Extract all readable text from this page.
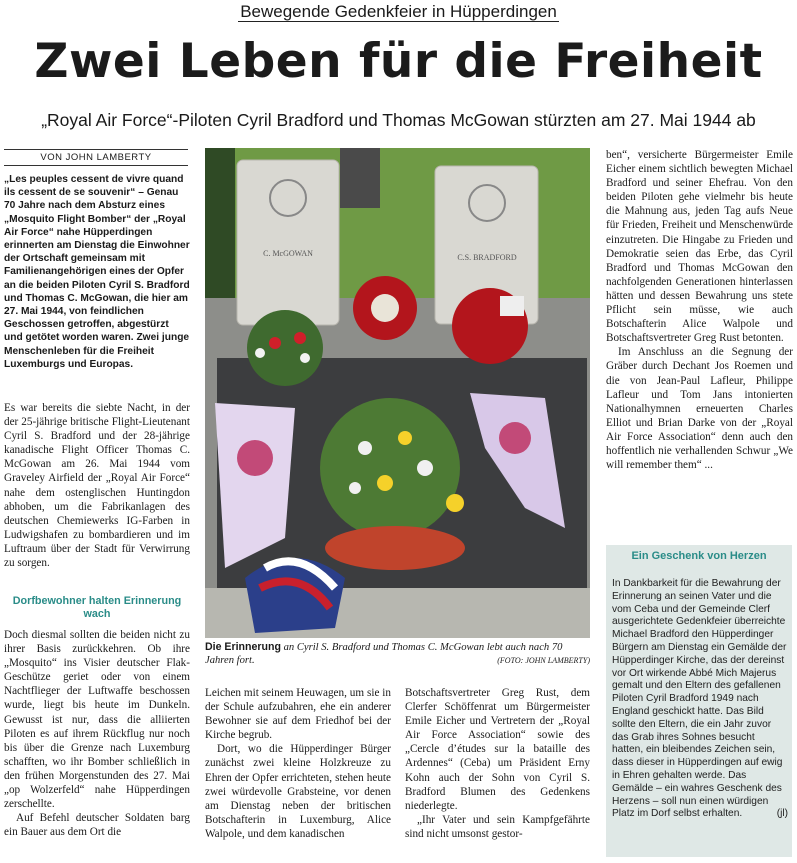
Bewegende Gedenkfeier in Hüpperdingen
Zwei Leben für die Freiheit
„Royal Air Force“-Piloten Cyril Bradford und Thomas McGowan stürzten am 27. Mai 1944 ab
VON JOHN LAMBERTY
„Les peuples cessent de vivre quand ils cessent de se souvenir“ – Genau 70 Jahre nach dem Absturz eines „Mosquito Flight Bomber“ der „Royal Air Force“ nahe Hüpperdingen erinnerten am Dienstag die Einwohner der Ortschaft gemeinsam mit Familienangehörigen eines der Opfer an die beiden Piloten Cyril S. Bradford und Thomas C. McGowan, die hier am 27. Mai 1944, von feindlichen Geschossen getroffen, abgestürzt und getötet worden waren. Zwei junge Menschenleben für die Freiheit Luxemburgs und Europas.

Es war bereits die siebte Nacht, in der der 25-jährige britische Flight-Lieutenant Cyril S. Bradford und der 28-jährige kanadische Flight Officer Thomas C. McGowan am 26. Mai 1944 vom Graveley Airfield der „Royal Air Force“ nahe dem ostenglischen Huntingdon abhoben, um die Fabrikanlagen des deutschen Chemiewerks IG-Farben in Ludwigshafen zu bombardieren und im Luftraum über der Stadt für Verwirrung zu sorgen.

Dorfbewohner halten Erinnerung wach

Doch diesmal sollten die beiden nicht zu ihrer Basis zurückkehren. Ob ihre „Mosquito“ ins Visier deutscher Flak-Geschütze geriet oder von einem Nachtflieger der Luftwaffe beschossen wurde, liegt bis heute im Dunkeln. Gewusst ist nur, dass die alliierten Piloten es auf ihrem Rückflug nur noch bis über die Grenze nach Luxemburg schafften, wo ihr Bomber schließlich in den frühen Morgenstunden des 27. Mai „op Wolzerfeld“ nahe Hüpperdingen zerschellte.

Auf Befehl deutscher Soldaten barg ein Bauer aus dem Ort die

C. McGOWAN	C.S. BRADFORD
Die Erinnerung an Cyril S. Bradford und Thomas C. McGowan lebt auch nach 70 Jahren fort.	(FOTO: JOHN LAMBERTY)

Leichen mit seinem Heuwagen, um sie in der Schule aufzubahren, ehe ein anderer Bewohner sie auf dem Friedhof bei der Kirche begrub.

Dort, wo die Hüpperdinger Bürger zunächst zwei kleine Holzkreuze zu Ehren der Opfer errichteten, stehen heute zwei würdevolle Grabsteine, vor denen am Dienstag neben der britischen Botschafterin in Luxemburg, Alice Walpole, und dem kanadischen

Botschaftsvertreter Greg Rust, dem Clerfer Schöffenrat um Bürgermeister Emile Eicher und Vertretern der „Royal Air Force Association“ sowie des „Cercle d’études sur la bataille des Ardennes“ (Ceba) um Präsident Erny Kohn auch der Sohn von Cyril S. Bradford Blumen des Gedenkens niederlegte.

„Ihr Vater und sein Kampfgefährte sind nicht umsonst gestor-

ben“, versicherte Bürgermeister Emile Eicher einem sichtlich bewegten Michael Bradford und seiner Ehefrau. Von den beiden Piloten gehe vielmehr bis heute die Mahnung aus, jeden Tag aufs Neue für Frieden, Freiheit und Menschenwürde einzutreten. Die Hingabe zu Frieden und Demokratie seien das Erbe, das Cyril Bradford und Thomas McGowan den nachfolgenden Generationen hinterlassen hätten und dessen Bewahrung uns stete Pflicht sein müsse, wie auch Botschafterin Alice Walpole und Botschaftsvertreter Greg Rust betonten.

Im Anschluss an die Segnung der Gräber durch Dechant Jos Roemen und die von Jean-Paul Lafleur, Philippe Lafleur und Tom Jans intonierten Nationalhymnen erneuerten Charles Elliot und Brian Darke von der „Royal Air Force Association“ denn auch den hoffentlich nie verhallenden Schwur „We will remember them“ ...

Ein Geschenk von Herzen
In Dankbarkeit für die Bewahrung der Erinnerung an seinen Vater und die vom Ceba und der Gemeinde Clerf ausgerichtete Gedenkfeier überreichte Michael Bradford den Hüpperdinger Bürgern am Dienstag ein Gemälde der Hüpperdinger Kirche, das der dereinst vor Ort wirkende Abbé Mich Majerus gemalt und den Eltern des gefallenen Piloten Cyril Bradford 1949 nach England geschickt hatte. Das Bild sollte den Eltern, die ein Jahr zuvor das Grab ihres Sohnes besucht hatten, ein bleibendes Zeichen sein, dass dieser in Hüpperdingen auf ewig in Ehren gehalten werde. Das Gemälde – ein wahres Geschenk des Herzens – soll nun einen würdigen Platz im Dorf selbst erhalten.	(jl)
